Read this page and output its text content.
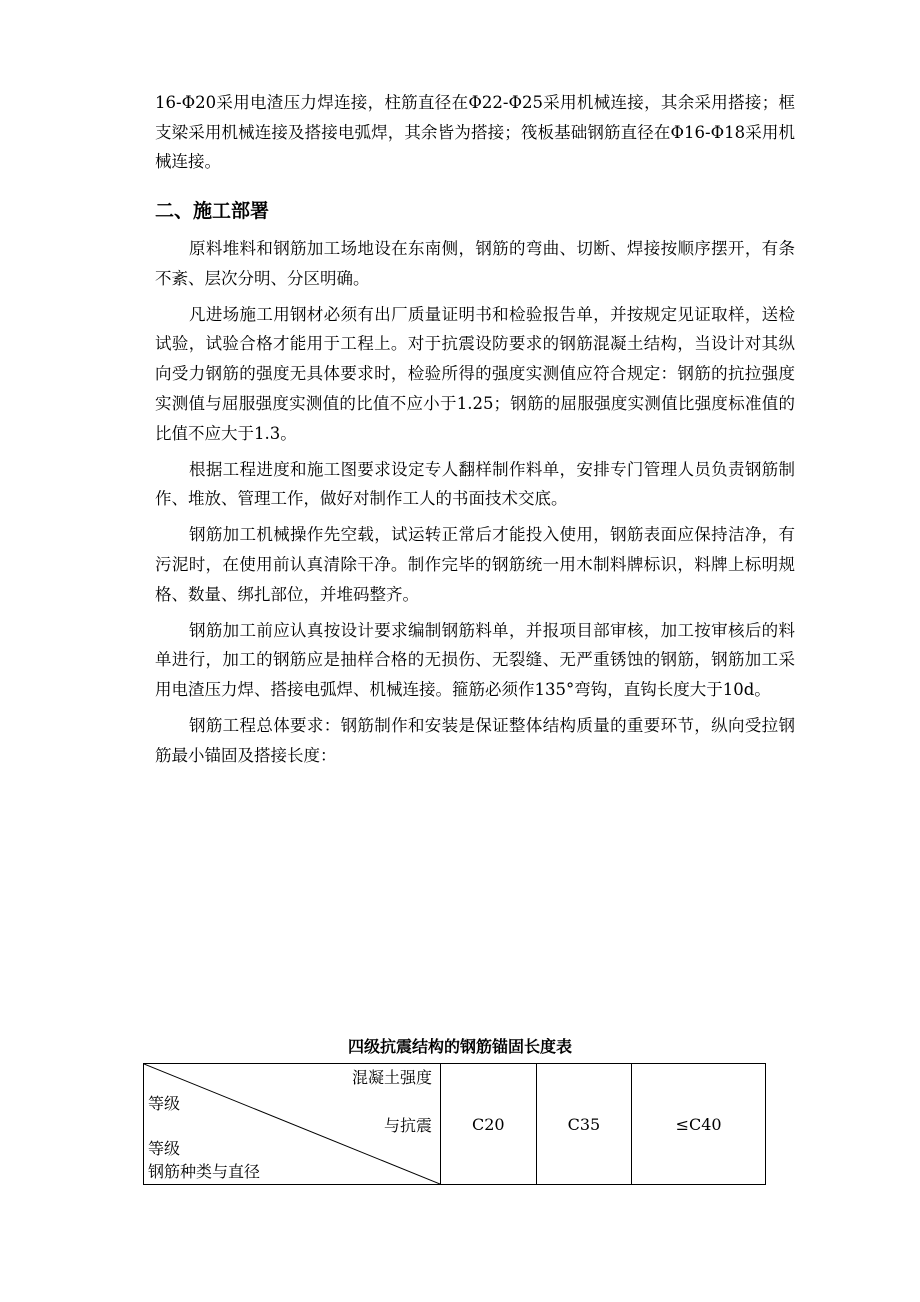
16-Φ20采用电渣压力焊连接，柱筋直径在Φ22-Φ25采用机械连接，其余采用搭接；框支梁采用机械连接及搭接电弧焊，其余皆为搭接；筏板基础钢筋直径在Φ16-Φ18采用机械连接。

二、施工部署

原料堆料和钢筋加工场地设在东南侧，钢筋的弯曲、切断、焊接按顺序摆开，有条不紊、层次分明、分区明确。

凡进场施工用钢材必须有出厂质量证明书和检验报告单，并按规定见证取样，送检试验，试验合格才能用于工程上。对于抗震设防要求的钢筋混凝土结构，当设计对其纵向受力钢筋的强度无具体要求时，检验所得的强度实测值应符合规定：钢筋的抗拉强度实测值与屈服强度实测值的比值不应小于1.25；钢筋的屈服强度实测值比强度标准值的比值不应大于1.3。

根据工程进度和施工图要求设定专人翻样制作料单，安排专门管理人员负责钢筋制作、堆放、管理工作，做好对制作工人的书面技术交底。

钢筋加工机械操作先空载，试运转正常后才能投入使用，钢筋表面应保持洁净，有污泥时，在使用前认真清除干净。制作完毕的钢筋统一用木制料牌标识，料牌上标明规格、数量、绑扎部位，并堆码整齐。

钢筋加工前应认真按设计要求编制钢筋料单，并报项目部审核，加工按审核后的料单进行，加工的钢筋应是抽样合格的无损伤、无裂缝、无严重锈蚀的钢筋，钢筋加工采用电渣压力焊、搭接电弧焊、机械连接。箍筋必须作135°弯钩，直钩长度大于10d。

钢筋工程总体要求：钢筋制作和安装是保证整体结构质量的重要环节，纵向受拉钢筋最小锚固及搭接长度：

四级抗震结构的钢筋锚固长度表
混凝土强度
等级
与抗震
等级
钢筋种类与直径
	C20	C35	≤C40
